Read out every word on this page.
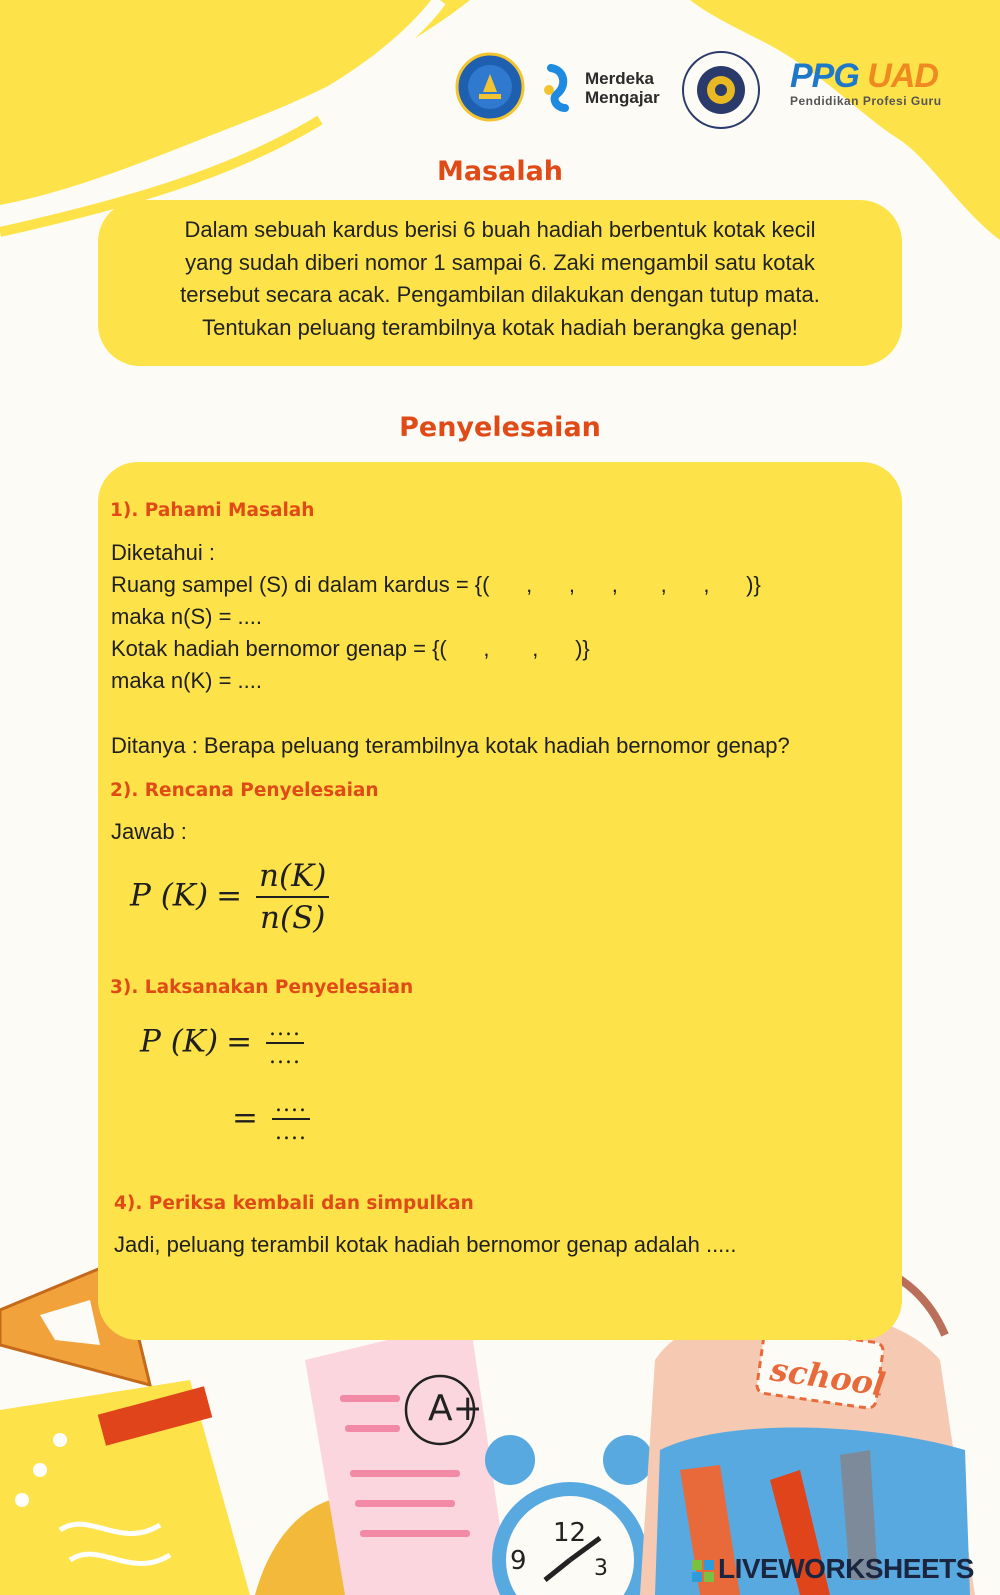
Merdeka
Mengajar
PPG UAD
Pendidikan Profesi Guru
Masalah
Dalam sebuah kardus berisi 6 buah hadiah berbentuk kotak kecil
yang sudah diberi nomor 1 sampai 6. Zaki mengambil satu kotak
tersebut secara acak. Pengambilan dilakukan dengan tutup mata.
Tentukan peluang terambilnya kotak hadiah berangka genap!
Penyelesaian
1). Pahami Masalah
Diketahui :
Ruang sampel (S) di dalam kardus = {(      ,      ,      ,       ,      ,      )}
maka n(S) = ....
Kotak hadiah bernomor genap = {(      ,       ,      )}
maka n(K) = ....
Ditanya : Berapa peluang terambilnya kotak hadiah bernomor genap?
2). Rencana Penyelesaian
Jawab :
P $(K) = \frac{n(K)}{n(S)}$
3). Laksanakan Penyelesaian
P $(K) = \frac{....}{....}$
= $\frac{....}{....}$
4). Periksa kembali dan simpulkan
Jadi, peluang terambil kotak hadiah bernomor genap adalah .....
school
A+
12
9	3	LIVEWORKSHEETS
